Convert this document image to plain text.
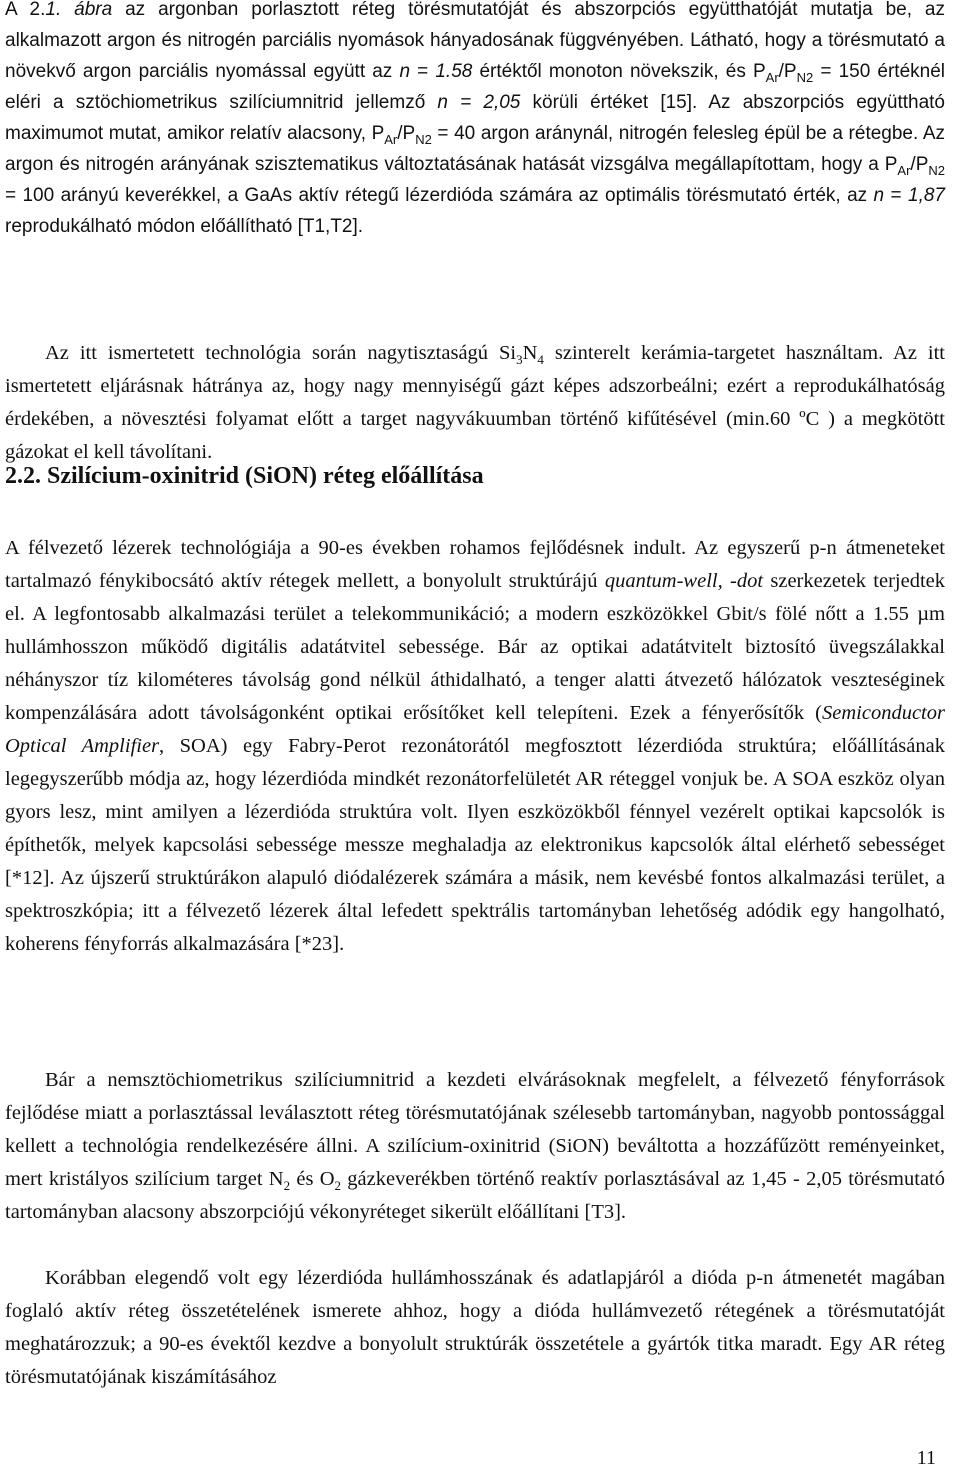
A 2.1. ábra az argonban porlasztott réteg törésmutatóját és abszorpciós együtthatóját mutatja be, az alkalmazott argon és nitrogén parciális nyomások hányadosának függvényében. Látható, hogy a törésmutató a növekvő argon parciális nyomással együtt az n = 1.58 értéktől monoton növekszik, és $P_{Ar}/P_{N2} = 150$ értéknél eléri a sztöchiometrikus szilíciumnitrid jellemző n = 2,05 körüli értéket [15]. Az abszorpciós együttható maximumot mutat, amikor relatív alacsony, $P_{Ar}/P_{N2} = 40$ argon aránynál, nitrogén felesleg épül be a rétegbe. Az argon és nitrogén arányának szisztematikus változtatásának hatását vizsgálva megállapítottam, hogy a $P_{Ar}/P_{N2} = 100$ arányú keverékkel, a GaAs aktív rétegű lézerdióda számára az optimális törésmutató érték, az n = 1,87 reprodukálható módon előállítható [T1,T2].

Az itt ismertetett technológia során nagytisztaságú $Si_3N_4$ szinterelt kerámia-targetet használtam. Az itt ismertetett eljárásnak hátránya az, hogy nagy mennyiségű gázt képes adszorbeálni; ezért a reprodukálhatóság érdekében, a növesztési folyamat előtt a target nagyvákuumban történő kifűtésével (min.60 ºC ) a megkötött gázokat el kell távolítani.

2.2. Szilícium-oxinitrid (SiON) réteg előállítása

A félvezető lézerek technológiája a 90-es években rohamos fejlődésnek indult. Az egyszerű p-n átmeneteket tartalmazó fénykibocsátó aktív rétegek mellett, a bonyolult struktúrájú quantum-well, -dot szerkezetek terjedtek el. A legfontosabb alkalmazási terület a telekommunikáció; a modern eszközökkel Gbit/s fölé nőtt a 1.55 µm hullámhosszon működő digitális adatátvitel sebessége. Bár az optikai adatátvitelt biztosító üvegszálakkal néhányszor tíz kilométeres távolság gond nélkül áthidalható, a tenger alatti átvezető hálózatok veszteséginek kompenzálására adott távolságonként optikai erősítőket kell telepíteni. Ezek a fényerősítők (Semiconductor Optical Amplifier, SOA) egy Fabry-Perot rezonátorától megfosztott lézerdióda struktúra; előállításának legegyszerűbb módja az, hogy lézerdióda mindkét rezonátorfelületét AR réteggel vonjuk be. A SOA eszköz olyan gyors lesz, mint amilyen a lézerdióda struktúra volt. Ilyen eszközökből fénnyel vezérelt optikai kapcsolók is építhetők, melyek kapcsolási sebessége messze meghaladja az elektronikus kapcsolók által elérhető sebességet [*12]. Az újszerű struktúrákon alapuló diódalézerek számára a másik, nem kevésbé fontos alkalmazási terület, a spektroszkópia; itt a félvezető lézerek által lefedett spektrális tartományban lehetőség adódik egy hangolható, koherens fényforrás alkalmazására [*23].

Bár a nemsztöchiometrikus szilíciumnitrid a kezdeti elvárásoknak megfelelt, a félvezető fényforrások fejlődése miatt a porlasztással leválasztott réteg törésmutatójának szélesebb tartományban, nagyobb pontossággal kellett a technológia rendelkezésére állni. A szilícium-oxinitrid (SiON) beváltotta a hozzáfűzött reményeinket, mert kristályos szilícium target $N_2$ és $O_2$ gázkeverékben történő reaktív porlasztásával az 1,45 - 2,05 törésmutató tartományban alacsony abszorpciójú vékonyréteget sikerült előállítani [T3].

Korábban elegendő volt egy lézerdióda hullámhosszának és adatlapjáról a dióda p-n átmenetét magában foglaló aktív réteg összetételének ismerete ahhoz, hogy a dióda hullámvezető rétegének a törésmutatóját meghatározzuk; a 90-es évektől kezdve a bonyolult struktúrák összetétele a gyártók titka maradt. Egy AR réteg törésmutatójának kiszámításához

11
